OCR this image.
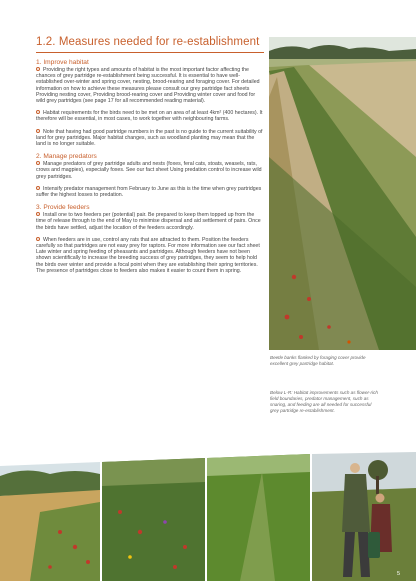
1.2. Measures needed for re-establishment
1. Improve habitat

Providing the right types and amounts of habitat is the most important factor affecting the chances of grey partridge re-establishment being successful. It is essential to have well-established over-winter and spring cover, nesting, brood-rearing and foraging cover. For detailed information on how to achieve these measures please consult our grey partridge fact sheets Providing nesting cover, Providing brood-rearing cover and Providing winter cover and food for wild grey partridges (see page 17 for all recommended reading material).

Habitat requirements for the birds need to be met on an area of at least 4km² (400 hectares). It therefore will be essential, in most cases, to work together with neighbouring farms.

Note that having had good partridge numbers in the past is no guide to the current suitability of land for grey partridges. Major habitat changes, such as woodland planting may mean that the land is no longer suitable.

2. Manage predators

Manage predators of grey partridge adults and nests (foxes, feral cats, stoats, weasels, rats, crows and magpies), especially foxes. See our fact sheet Using predation control to increase wild grey partridges.

Intensify predator management from February to June as this is the time when grey partridges suffer the highest losses to predation.

3. Provide feeders

Install one to two feeders per (potential) pair. Be prepared to keep them topped up from the time of release through to the end of May to minimise dispersal and aid settlement of pairs. Once the birds have settled, adjust the location of the feeders accordingly.

When feeders are in use, control any rats that are attracted to them. Position the feeders carefully so that partridges are not easy prey for raptors. For more information see our fact sheet Late winter and spring feeding of pheasants and partridges. Although feeders have not been shown scientifically to increase the breeding success of grey partridges, they seem to help hold the birds over winter and provide a focal point when they are establishing their spring territories. The presence of partridges close to feeders also makes it easier to count them in spring.

Beetle banks flanked by foraging cover provide excellent grey partridge habitat.
Below L-R: Habitat improvements such as flower-rich field boundaries, predator management, such as snaring, and feeding are all needed for successful grey partridge re-establishment.
5
